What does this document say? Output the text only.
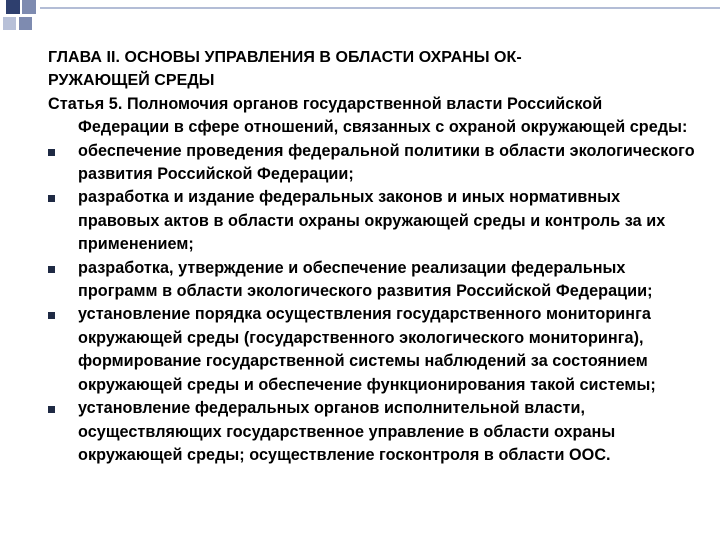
ГЛАВА II. ОСНОВЫ УПРАВЛЕНИЯ В ОБЛАСТИ ОХРАНЫ ОК-
РУЖАЮЩЕЙ СРЕДЫ

Статья 5. Полномочия органов государственной власти Российской Федерации в сфере отношений, связанных с охраной окружающей среды:

обеспечение проведения федеральной политики в области экологического развития Российской Федерации;
разработка и издание федеральных законов и иных нормативных правовых актов в области охраны окружающей среды и контроль за их применением;
разработка, утверждение и обеспечение реализации федеральных программ в области экологического развития Российской Федерации;
установление порядка осуществления государственного мониторинга окружающей среды (государственного экологического мониторинга), формирование государственной системы наблюдений за состоянием окружающей среды и обеспечение функционирования такой системы;
установление федеральных органов исполнительной власти, осуществляющих государственное управление в области охраны окружающей среды; осуществление госконтроля в области ООС.
